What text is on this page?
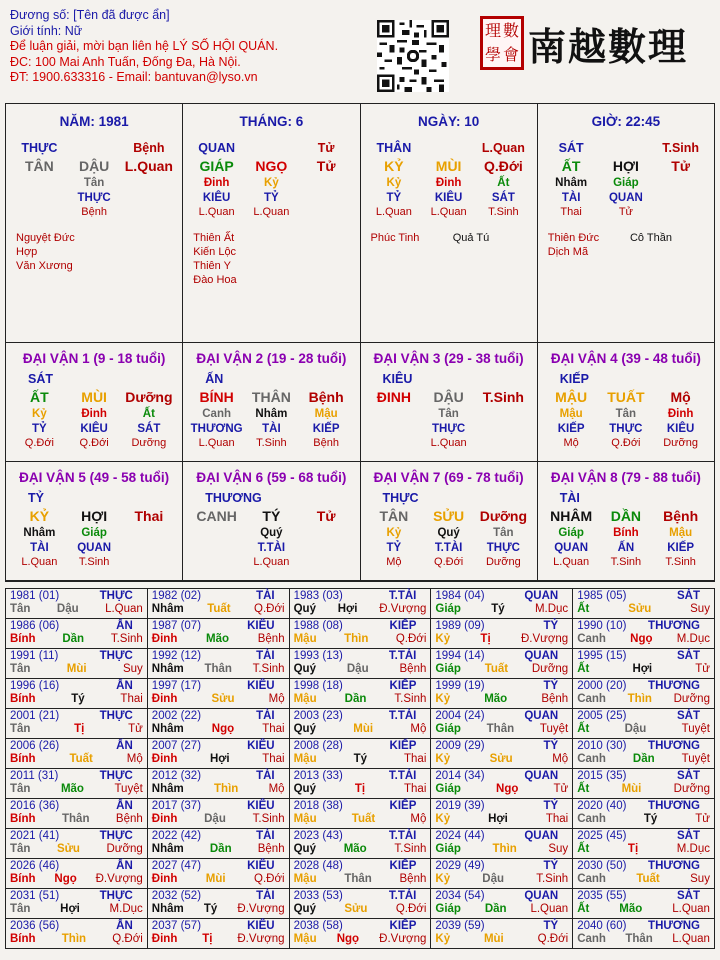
Đương số: [Tên đã được ẩn]
Giới tính: Nữ
Để luận giải, mời bạn liên hệ LÝ SỐ HỘI QUÁN.
ĐC: 100 Mai Anh Tuấn, Đống Đa, Hà Nội.
ĐT: 1900.633316 - Email: bantuvan@lyso.vn
理 數
學 會 南越數理
NĂM: 1981
THỰC	Bệnh
TÂN	DẬU	L.Quan
Tân
THỰC
Bệnh
Nguyệt Đức Hợp
Văn Xương
THÁNG: 6
QUAN	Tử
GIÁP	NGỌ	Tử
Đinh	Kỷ
KIÊU	TỶ
L.Quan	L.Quan
Thiên Ất
Kiến Lộc
Thiên Y
Đào Hoa
NGÀY: 10
THÂN	L.Quan
KỶ	MÙI	Q.Đới
Kỷ	Đinh	Ất
TỶ	KIÊU	SÁT
L.Quan	L.Quan	T.Sinh
Phúc Tinh	Quả Tú
GIỜ: 22:45
SÁT	T.Sinh
ẤT	HỢI	Tử
Nhâm	Giáp
TÀI	QUAN
Thai	Tử
Thiên Đức
Dịch Mã
Cô Thần
ĐẠI VẬN 1 (9 - 18 tuổi)
SÁT
ẤT	MÙI	Dưỡng
Kỷ	Đinh	Ất
TỶ	KIÊU	SÁT
Q.Đới	Q.Đới	Dưỡng
ĐẠI VẬN 2 (19 - 28 tuổi)
ẤN
BÍNH	THÂN	Bệnh
Canh	Nhâm	Mậu
THƯƠNG	TÀI	KIẾP
L.Quan	T.Sinh	Bệnh
ĐẠI VẬN 3 (29 - 38 tuổi)
KIÊU
ĐINH	DẬU	T.Sinh
Tân
THỰC
L.Quan
ĐẠI VẬN 4 (39 - 48 tuổi)
KIẾP
MẬU	TUẤT	Mộ
Mậu	Tân	Đinh
KIẾP	THỰC	KIÊU
Mộ	Q.Đới	Dưỡng
ĐẠI VẬN 5 (49 - 58 tuổi)
TỶ
KỶ	HỢI	Thai
Nhâm	Giáp
TÀI	QUAN
L.Quan	T.Sinh
ĐẠI VẬN 6 (59 - 68 tuổi)
THƯƠNG
CANH	TÝ	Tử
Quý
T.TÀI
L.Quan
ĐẠI VẬN 7 (69 - 78 tuổi)
THỰC
TÂN	SỬU	Dưỡng
Kỷ	Quý	Tân
TỶ	T.TÀI	THỰC
Mộ	Q.Đới	Dưỡng
ĐẠI VẬN 8 (79 - 88 tuổi)
TÀI
NHÂM	DẦN	Bệnh
Giáp	Bính	Mậu
QUAN	ẤN	KIẾP
L.Quan	T.Sinh	T.Sinh
1981 (01)	THỰC
Tân Dậu L.Quan
1982 (02)	TÀI
Nhâm Tuất Q.Đới
1983 (03)	T.TÀI
Quý Hợi Đ.Vượng
1984 (04)	QUAN
Giáp	Tý	M.Dục
1985 (05)	SÁT
Ất	Sửu	Suy
1986 (06)	ẤN
Bính Dần T.Sinh
1987 (07)	KIÊU
Đinh Mão Bệnh
1988 (08)	KIẾP
Mậu Thìn Q.Đới
1989 (09)	TỶ
Kỷ	Tị	Đ.Vượng
1990 (10) THƯƠNG
Canh Ngọ M.Dục
1991 (11)	THỰC
Tân	Mùi	Suy
1992 (12)	TÀI
Nhâm Thân T.Sinh
1993 (13)	T.TÀI
Quý	Dậu	Bệnh
1994 (14)	QUAN
Giáp Tuất Dưỡng
1995 (15)	SÁT
Ất	Hợi	Tử
1996 (16)	ẤN
Bính	Tý	Thai
1997 (17)	KIÊU
Đinh	Sửu	Mộ
1998 (18)	KIẾP
Mậu Dần T.Sinh
1999 (19)	TỶ
Kỷ	Mão	Bệnh
2000 (20) THƯƠNG
Canh Thìn Dưỡng
2001 (21)	THỰC
Tân	Tị	Tử
2002 (22)	TÀI
Nhâm Ngọ Thai
2003 (23)	T.TÀI
Quý	Mùi	Mộ
2004 (24)	QUAN
Giáp Thân Tuyệt
2005 (25)	SÁT
Ất	Dậu	Tuyệt
2006 (26)	ẤN
Bính	Tuất	Mộ
2007 (27)	KIÊU
Đinh	Hợi	Thai
2008 (28)	KIẾP
Mậu	Tý	Thai
2009 (29)	TỶ
Kỷ	Sửu	Mộ
2010 (30) THƯƠNG
Canh Dần Tuyệt
2011 (31)	THỰC
Tân	Mão	Tuyệt
2012 (32)	TÀI
Nhâm	Thìn	Mộ
2013 (33)	T.TÀI
Quý	Tị	Thai
2014 (34)	QUAN
Giáp	Ngọ	Tử
2015 (35)	SÁT
Ất	Mùi	Dưỡng
2016 (36)	ẤN
Bính Thân Bệnh
2017 (37)	KIÊU
Đinh Dậu T.Sinh
2018 (38)	KIẾP
Mậu	Tuất	Mộ
2019 (39)	TỶ
Kỷ	Hợi	Thai
2020 (40) THƯƠNG
Canh	Tý	Tử
2021 (41)	THỰC
Tân Sửu Dưỡng
2022 (42)	TÀI
Nhâm Dần Bệnh
2023 (43)	T.TÀI
Quý Mão T.Sinh
2024 (44)	QUAN
Giáp	Thìn	Suy
2025 (45)	SÁT
Ất	Tị	M.Dục
2026 (46)	ẤN
Bính Ngọ Đ.Vượng
2027 (47)	KIÊU
Đinh Mùi Q.Đới
2028 (48)	KIẾP
Mậu Thân Bệnh
2029 (49)	TỶ
Kỷ	Dậu	T.Sinh
2030 (50) THƯƠNG
Canh	Tuất	Suy
2031 (51)	THỰC
Tân	Hợi	M.Dục
2032 (52)	TÀI
Nhâm Tý Đ.Vượng
2033 (53)	T.TÀI
Quý Sửu Q.Đới
2034 (54)	QUAN
Giáp Dần L.Quan
2035 (55)	SÁT
Ất	Mão	L.Quan
2036 (56)	ẤN
Bính Thìn Q.Đới
2037 (57)	KIÊU
Đinh Tị Đ.Vượng
2038 (58)	KIẾP
Mậu Ngọ Đ.Vượng
2039 (59)	TỶ
Kỷ	Mùi	Q.Đới
2040 (60) THƯƠNG
Canh Thân L.Quan
